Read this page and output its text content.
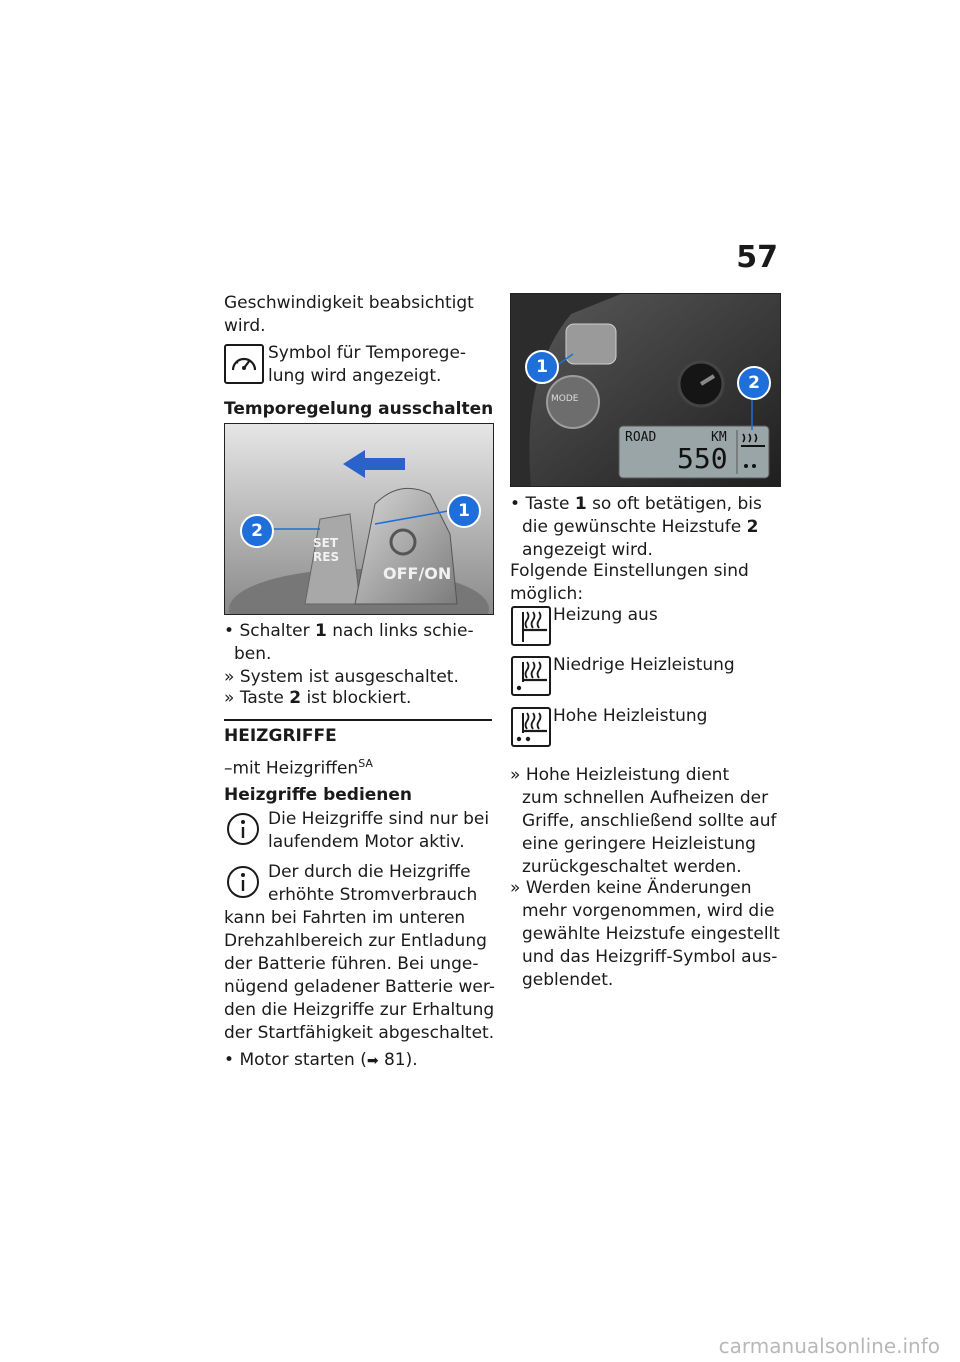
57
Geschwindigkeit beabsichtigt
wird.
Symbol für Temporege-
lung wird angezeigt.
Temporegelung ausschalten
OFF/ON
SET
RES
1
2
• Schalter 1 nach links schie-
ben.
» System ist ausgeschaltet.
» Taste 2 ist blockiert.
HEIZGRIFFE
–mit Heizgriffen$^{SA}$
Heizgriffe bedienen
Die Heizgriffe sind nur bei
laufendem Motor aktiv.
Der durch die Heizgriffe
erhöhte Stromverbrauch
kann bei Fahrten im unteren
Drehzahlbereich zur Entladung
der Batterie führen. Bei unge-
nügend geladener Batterie wer-
den die Heizgriffe zur Erhaltung
der Startfähigkeit abgeschaltet.
• Motor starten (➡ 81).
MODE
ROAD	KM
550
1
2
• Taste 1 so oft betätigen, bis
die gewünschte Heizstufe 2
angezeigt wird.
Folgende Einstellungen sind
möglich:
Heizung aus
Niedrige Heizleistung
Hohe Heizleistung
» Hohe Heizleistung dient
zum schnellen Aufheizen der
Griffe, anschließend sollte auf
eine geringere Heizleistung
zurückgeschaltet werden.
» Werden keine Änderungen
mehr vorgenommen, wird die
gewählte Heizstufe eingestellt
und das Heizgriff-Symbol aus-
geblendet.
carmanualsonline.info
